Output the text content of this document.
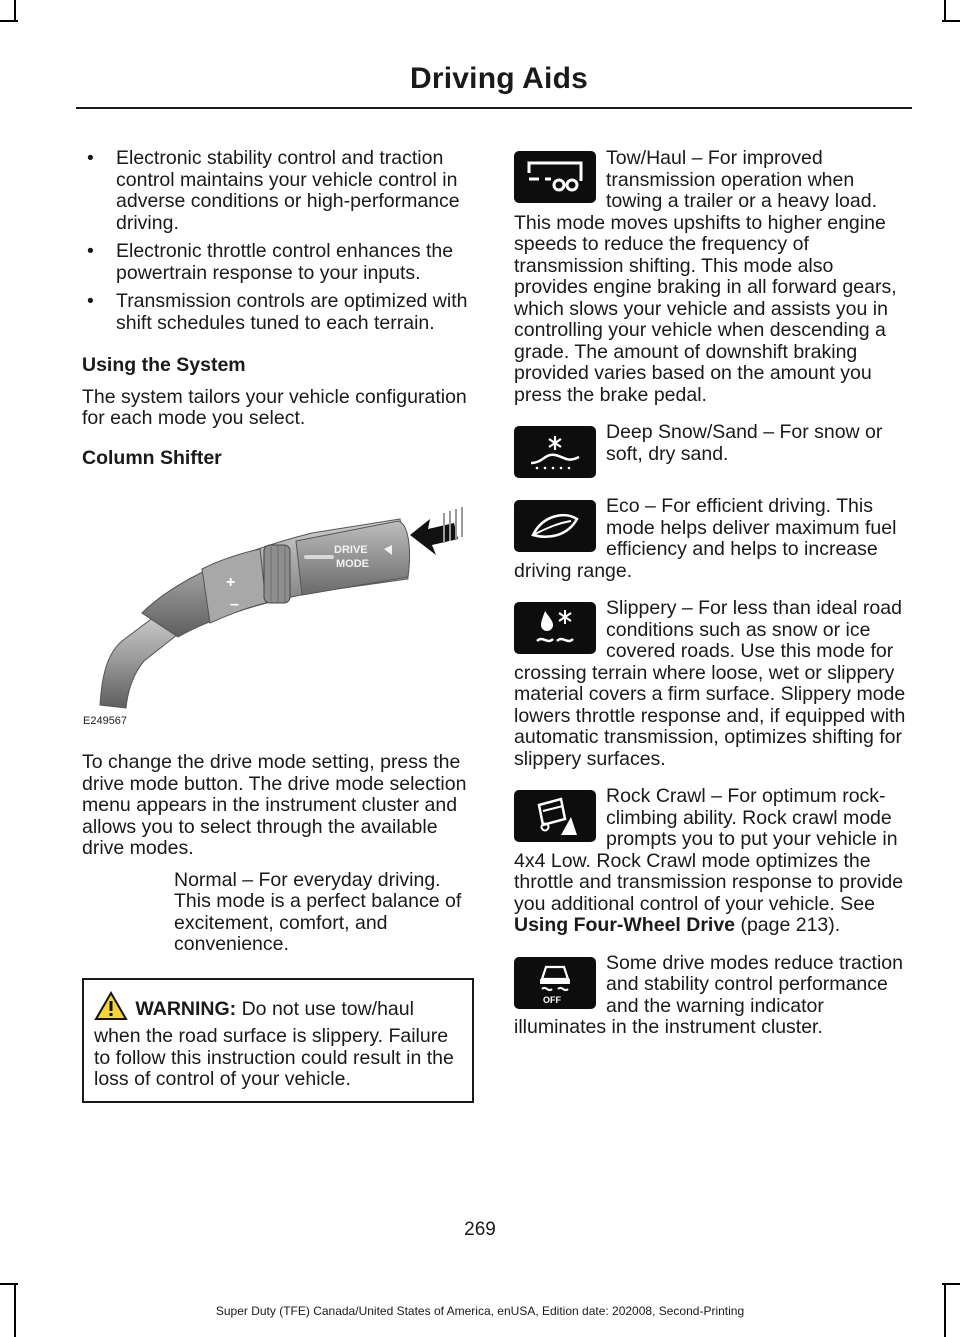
Driving Aids
• Electronic stability control and traction control maintains your vehicle control in adverse conditions or high-performance driving.
• Electronic throttle control enhances the powertrain response to your inputs.
• Transmission controls are optimized with shift schedules tuned to each terrain.
Using the System

The system tailors your vehicle configuration for each mode you select.

Column Shifter
+
–
DRIVE
MODE
E249567

To change the drive mode setting, press the drive mode button. The drive mode selection menu appears in the instrument cluster and allows you to select through the available drive modes.

Normal – For everyday driving. This mode is a perfect balance of excitement, comfort, and convenience.
WARNING: Do not use tow/haul when the road surface is slippery. Failure to follow this instruction could result in the loss of control of your vehicle.
Tow/Haul – For improved transmission operation when towing a trailer or a heavy load. This mode moves upshifts to higher engine speeds to reduce the frequency of transmission shifting. This mode also provides engine braking in all forward gears, which slows your vehicle and assists you in controlling your vehicle when descending a grade. The amount of downshift braking provided varies based on the amount you press the brake pedal.
Deep Snow/Sand – For snow or soft, dry sand.
Eco – For efficient driving. This mode helps deliver maximum fuel efficiency and helps to increase driving range.
Slippery – For less than ideal road conditions such as snow or ice covered roads. Use this mode for crossing terrain where loose, wet or slippery material covers a firm surface. Slippery mode lowers throttle response and, if equipped with automatic transmission, optimizes shifting for slippery surfaces.
Rock Crawl – For optimum rock-climbing ability. Rock crawl mode prompts you to put your vehicle in 4x4 Low. Rock Crawl mode optimizes the throttle and transmission response to provide you additional control of your vehicle. See Using Four-Wheel Drive (page 213).
OFF
Some drive modes reduce traction and stability control performance and the warning indicator illuminates in the instrument cluster.
269
Super Duty (TFE) Canada/United States of America, enUSA, Edition date: 202008, Second-Printing
